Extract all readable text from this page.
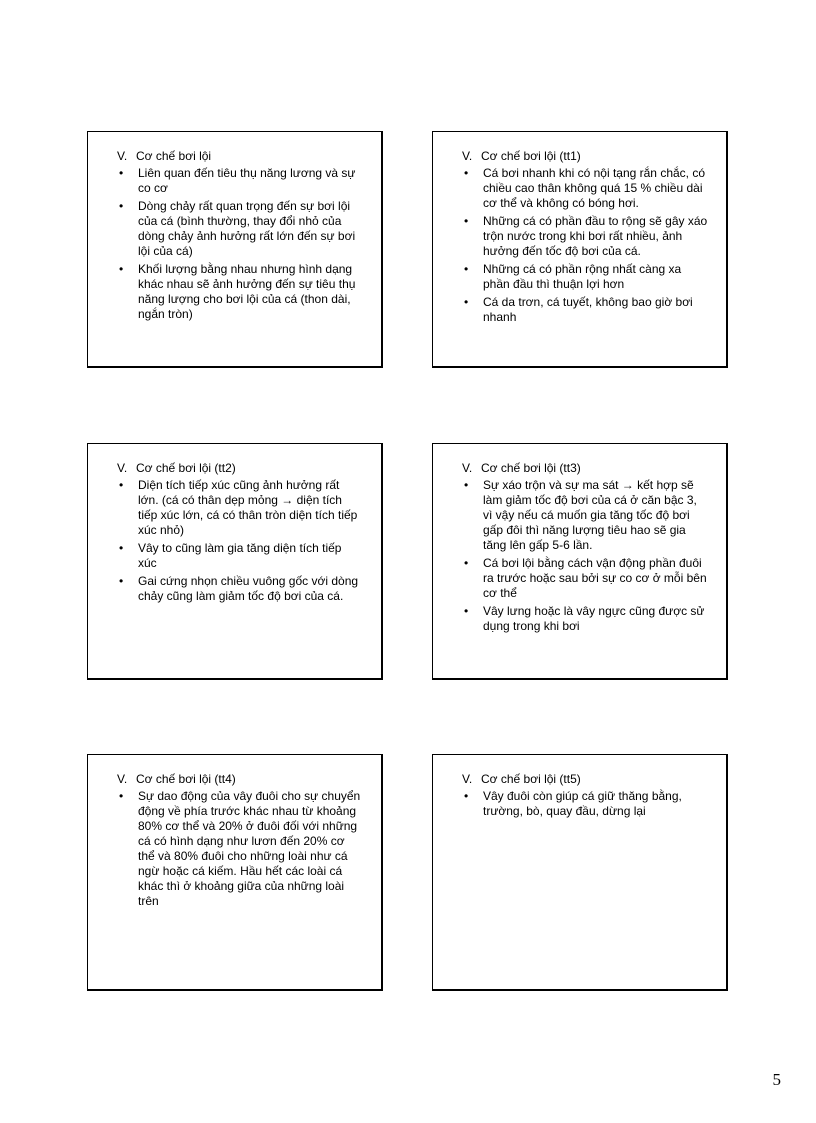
V. Cơ chế bơi lội
•	Liên quan đến tiêu thụ năng lương và sự co cơ
•	Dòng chảy rất quan trọng đến sự bơi lội của cá (bình thường, thay đổi nhỏ của dòng chảy ảnh hưởng rất lớn đến sự bơi lội của cá)
•	Khối lượng bằng nhau nhưng hình dạng khác nhau sẽ ảnh hưởng đến sự tiêu thụ năng lượng cho bơi lội của cá (thon dài, ngắn tròn)
V. Cơ chế bơi lội (tt1)
•	Cá bơi nhanh khi có nội tạng rắn chắc, có chiều cao thân không quá 15 % chiều dài cơ thể và không có bóng hơi.
•	Những cá có phần đầu to rộng sẽ gây xáo trộn nước trong khi bơi rất nhiều, ảnh hưởng đến tốc độ bơi của cá.
•	Những cá có phần rộng nhất càng xa phần đầu thì thuận lợi hơn
•	Cá da trơn, cá tuyết, không bao giờ bơi nhanh
V. Cơ chế bơi lội (tt2)
•	Diện tích tiếp xúc cũng ảnh hưởng rất lớn. (cá có thân dẹp mỏng → diện tích tiếp xúc lớn, cá có thân tròn diện tích tiếp xúc nhỏ)
•	Vây to cũng làm gia tăng diện tích tiếp xúc
•	Gai cứng nhọn chiều vuông gốc với dòng chảy cũng làm giảm tốc độ bơi của cá.
V. Cơ chế bơi lội (tt3)
•	Sự xáo trộn và sự ma sát → kết hợp sẽ làm giảm tốc độ bơi của cá ở căn bậc 3, vì vậy nếu cá muốn gia tăng tốc độ bơi gấp đôi thì năng lượng tiêu hao sẽ gia tăng lên gấp 5-6 lần.
•	Cá bơi lội bằng cách vận động phần đuôi ra trước hoặc sau bởi sự co cơ ở mỗi bên cơ thể
•	Vây lưng hoặc là vây ngực cũng được sử dụng trong khi bơi
V. Cơ chế bơi lội (tt4)
•	Sự dao động của vây đuôi cho sự chuyển động về phía trước khác nhau từ khoảng 80% cơ thể và 20% ở đuôi đối với những cá có hình dạng như lươn đến 20% cơ thể và 80% đuôi cho những loài như cá ngừ hoặc cá kiếm. Hầu hết các loài cá khác thì ở khoảng giữa của những loài trên
V. Cơ chế bơi lội (tt5)
•	Vây đuôi còn giúp cá giữ thăng bằng, trường, bò, quay đầu, dừng lại
5
